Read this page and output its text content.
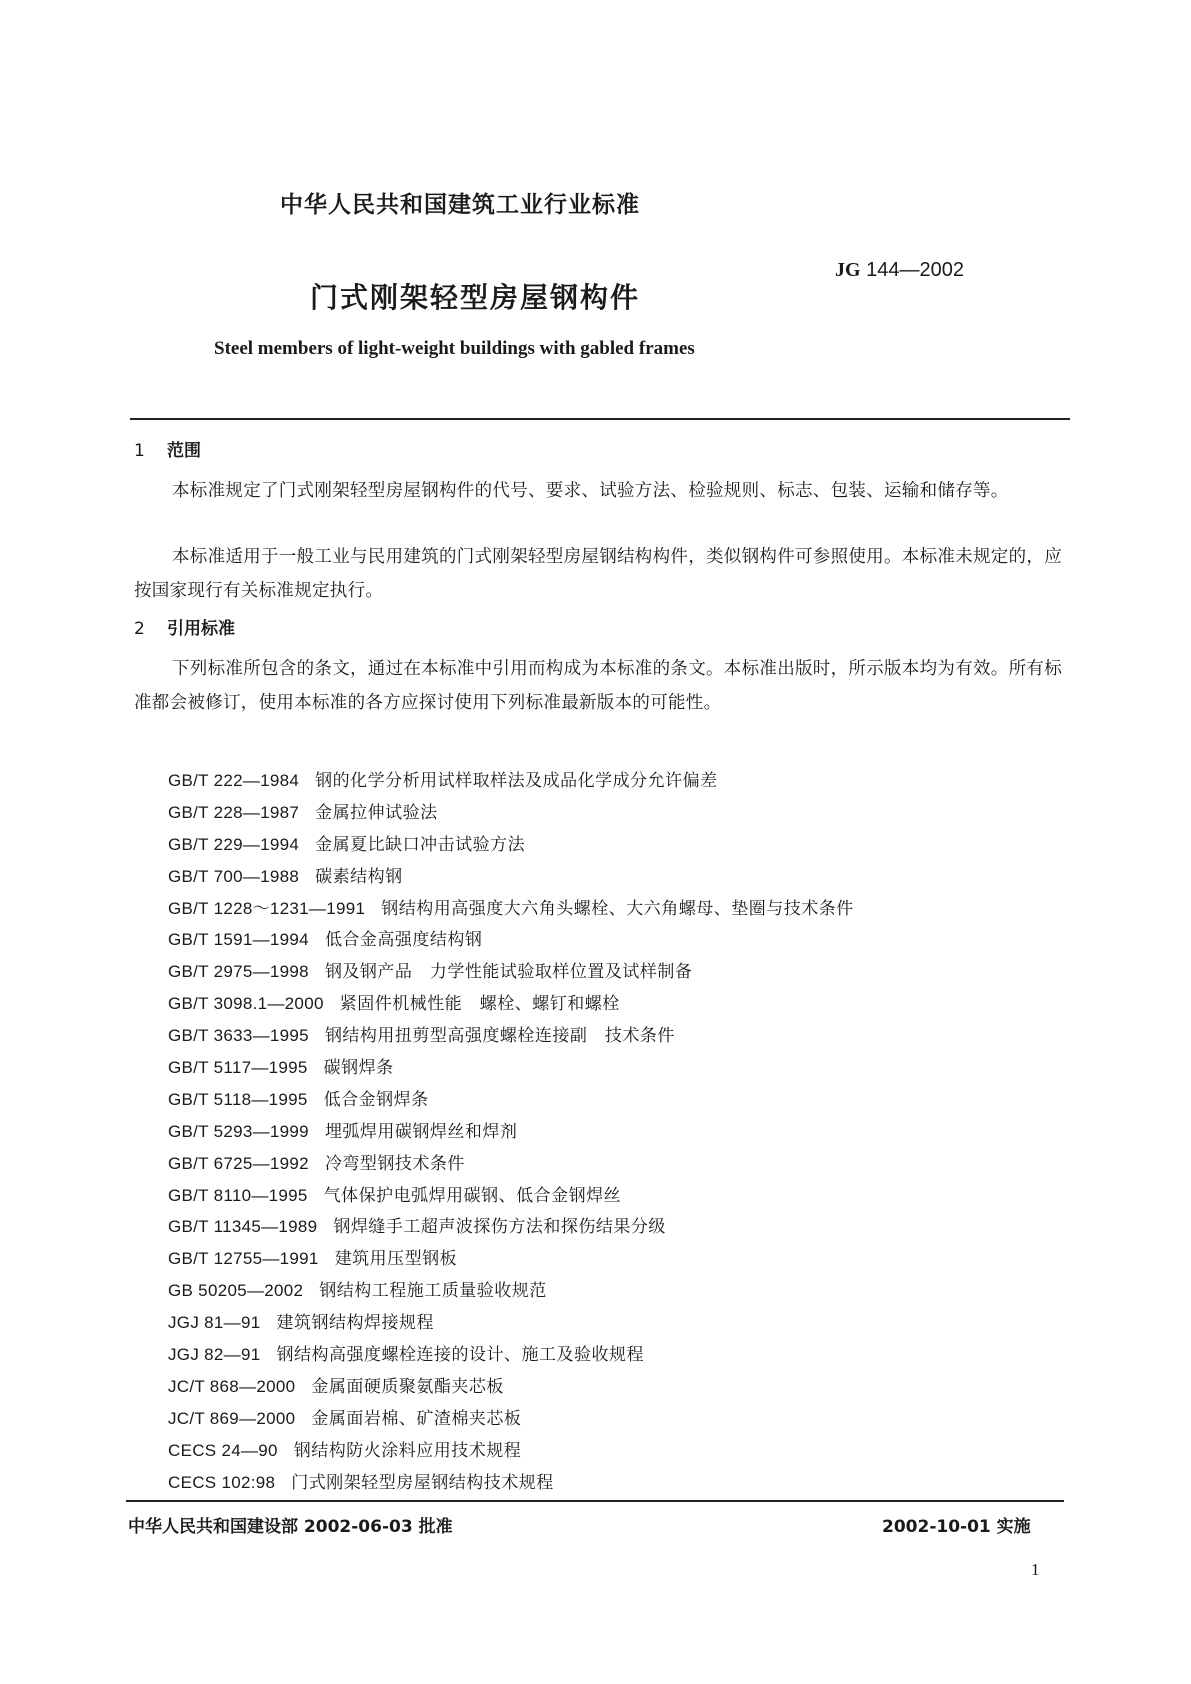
中华人民共和国建筑工业行业标准
JG 144—2002
门式刚架轻型房屋钢构件
Steel members of light-weight buildings with gabled frames
1 范围
本标准规定了门式刚架轻型房屋钢构件的代号、要求、试验方法、检验规则、标志、包装、运输和储存等。
本标准适用于一般工业与民用建筑的门式刚架轻型房屋钢结构构件，类似钢构件可参照使用。本标准未规定的，应按国家现行有关标准规定执行。
2 引用标准
下列标准所包含的条文，通过在本标准中引用而构成为本标准的条文。本标准出版时，所示版本均为有效。所有标准都会被修订，使用本标准的各方应探讨使用下列标准最新版本的可能性。
GB/T 222—1984 钢的化学分析用试样取样法及成品化学成分允许偏差
GB/T 228—1987 金属拉伸试验法
GB/T 229—1994 金属夏比缺口冲击试验方法
GB/T 700—1988 碳素结构钢
GB/T 1228～1231—1991 钢结构用高强度大六角头螺栓、大六角螺母、垫圈与技术条件
GB/T 1591—1994 低合金高强度结构钢
GB/T 2975—1998 钢及钢产品　力学性能试验取样位置及试样制备
GB/T 3098.1—2000 紧固件机械性能　螺栓、螺钉和螺栓
GB/T 3633—1995 钢结构用扭剪型高强度螺栓连接副　技术条件
GB/T 5117—1995 碳钢焊条
GB/T 5118—1995 低合金钢焊条
GB/T 5293—1999 埋弧焊用碳钢焊丝和焊剂
GB/T 6725—1992 冷弯型钢技术条件
GB/T 8110—1995 气体保护电弧焊用碳钢、低合金钢焊丝
GB/T 11345—1989 钢焊缝手工超声波探伤方法和探伤结果分级
GB/T 12755—1991 建筑用压型钢板
GB 50205—2002 钢结构工程施工质量验收规范
JGJ 81—91 建筑钢结构焊接规程
JGJ 82—91 钢结构高强度螺栓连接的设计、施工及验收规程
JC/T 868—2000 金属面硬质聚氨酯夹芯板
JC/T 869—2000 金属面岩棉、矿渣棉夹芯板
CECS 24—90 钢结构防火涂料应用技术规程
CECS 102:98 门式刚架轻型房屋钢结构技术规程
中华人民共和国建设部 2002-06-03 批准	2002-10-01 实施
1
